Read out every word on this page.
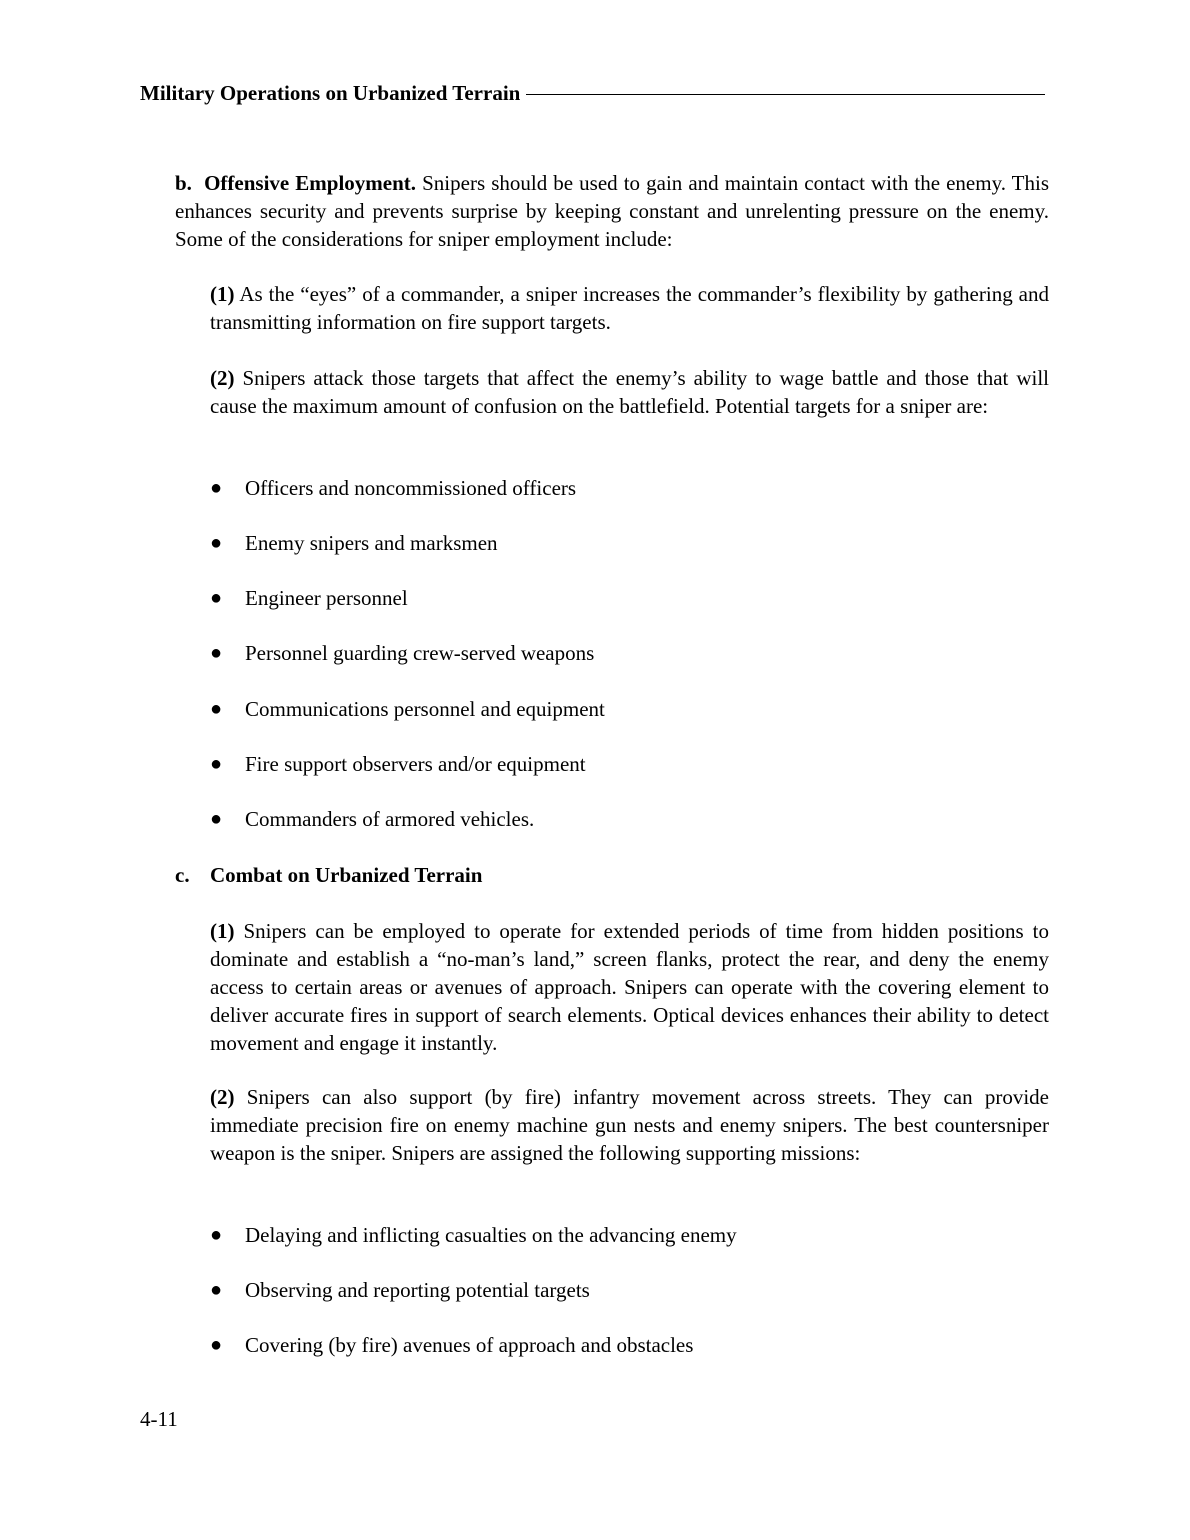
Military Operations on Urbanized Terrain

b. Offensive Employment. Snipers should be used to gain and maintain contact with the enemy. This enhances security and prevents surprise by keeping constant and unrelenting pressure on the enemy. Some of the considerations for sniper employment include:

(1) As the “eyes” of a commander, a sniper increases the commander’s flexibility by gathering and transmitting information on fire support targets.

(2) Snipers attack those targets that affect the enemy’s ability to wage battle and those that will cause the maximum amount of confusion on the battlefield. Potential targets for a sniper are:

● Officers and noncommissioned officers
● Enemy snipers and marksmen
● Engineer personnel
● Personnel guarding crew-served weapons
● Communications personnel and equipment
● Fire support observers and/or equipment
● Commanders of armored vehicles.

c. Combat on Urbanized Terrain

(1) Snipers can be employed to operate for extended periods of time from hidden positions to dominate and establish a “no-man’s land,” screen flanks, protect the rear, and deny the enemy access to certain areas or avenues of approach. Snipers can operate with the covering element to deliver accurate fires in support of search elements. Optical devices enhances their ability to detect movement and engage it instantly.

(2) Snipers can also support (by fire) infantry movement across streets. They can provide immediate precision fire on enemy machine gun nests and enemy snipers. The best countersniper weapon is the sniper. Snipers are assigned the following supporting missions:

● Delaying and inflicting casualties on the advancing enemy
● Observing and reporting potential targets
● Covering (by fire) avenues of approach and obstacles
4-11
